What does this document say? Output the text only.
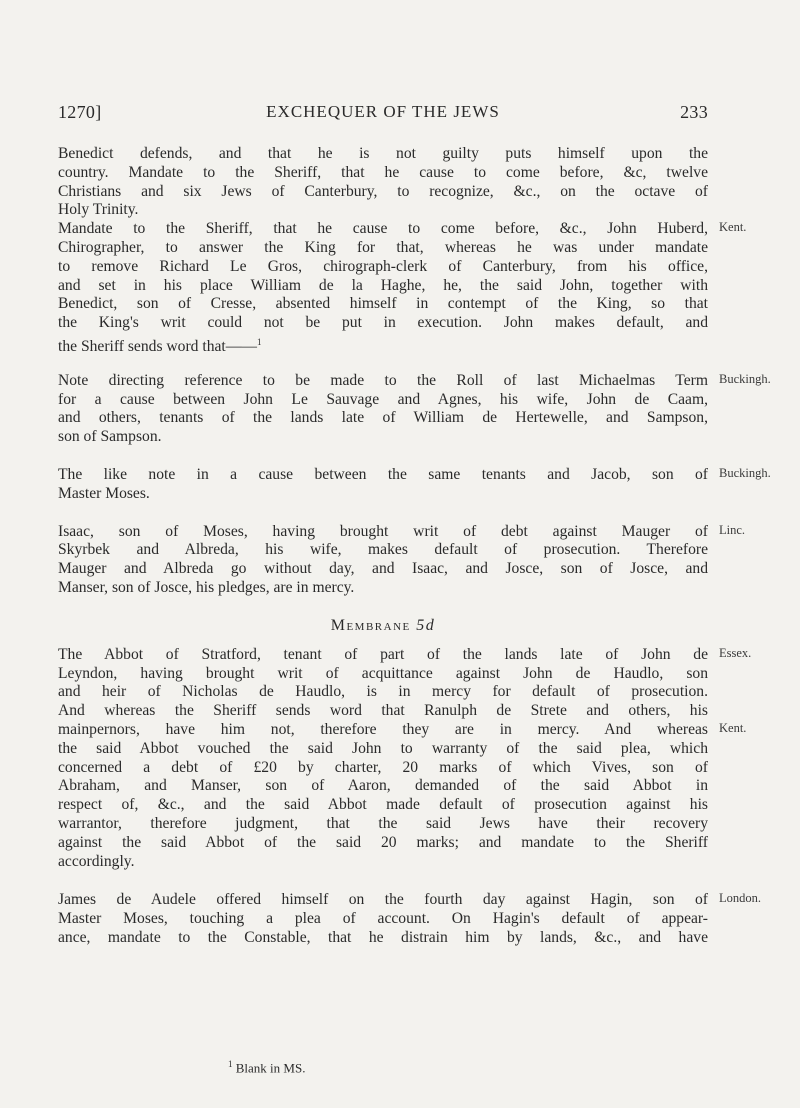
1270]	EXCHEQUER OF THE JEWS	233
Benedict defends, and that he is not guilty puts himself upon the
country. Mandate to the Sheriff, that he cause to come before, &c, twelve
Christians and six Jews of Canterbury, to recognize, &c., on the octave of
Holy Trinity.
Mandate to the Sheriff, that he cause to come before, &c., John Huberd,
Chirographer, to answer the King for that, whereas he was under mandate
to remove Richard Le Gros, chirograph-clerk of Canterbury, from his office,
and set in his place William de la Haghe, he, the said John, together with
Benedict, son of Cresse, absented himself in contempt of the King, so that
the King's writ could not be put in execution. John makes default, and
the Sheriff sends word that——$^1$
Kent.
Note directing reference to be made to the Roll of last Michaelmas Term
for a cause between John Le Sauvage and Agnes, his wife, John de Caam,
and others, tenants of the lands late of William de Hertewelle, and Sampson,
son of Sampson.
Buckingh.
The like note in a cause between the same tenants and Jacob, son of
Master Moses.
Buckingh.
Isaac, son of Moses, having brought writ of debt against Mauger of
Skyrbek and Albreda, his wife, makes default of prosecution. Therefore
Mauger and Albreda go without day, and Isaac, and Josce, son of Josce, and
Manser, son of Josce, his pledges, are in mercy.
Linc.
Membrane 5d
The Abbot of Stratford, tenant of part of the lands late of John de
Leyndon, having brought writ of acquittance against John de Haudlo, son
and heir of Nicholas de Haudlo, is in mercy for default of prosecution.
And whereas the Sheriff sends word that Ranulph de Strete and others, his
mainpernors, have him not, therefore they are in mercy. And whereas
the said Abbot vouched the said John to warranty of the said plea, which
concerned a debt of £20 by charter, 20 marks of which Vives, son of
Abraham, and Manser, son of Aaron, demanded of the said Abbot in
respect of, &c., and the said Abbot made default of prosecution against his
warrantor, therefore judgment, that the said Jews have their recovery
against the said Abbot of the said 20 marks; and mandate to the Sheriff
accordingly.
Essex.
Kent.
James de Audele offered himself on the fourth day against Hagin, son of
Master Moses, touching a plea of account. On Hagin's default of appear-
ance, mandate to the Constable, that he distrain him by lands, &c., and have
London.
$^1$ Blank in MS.
